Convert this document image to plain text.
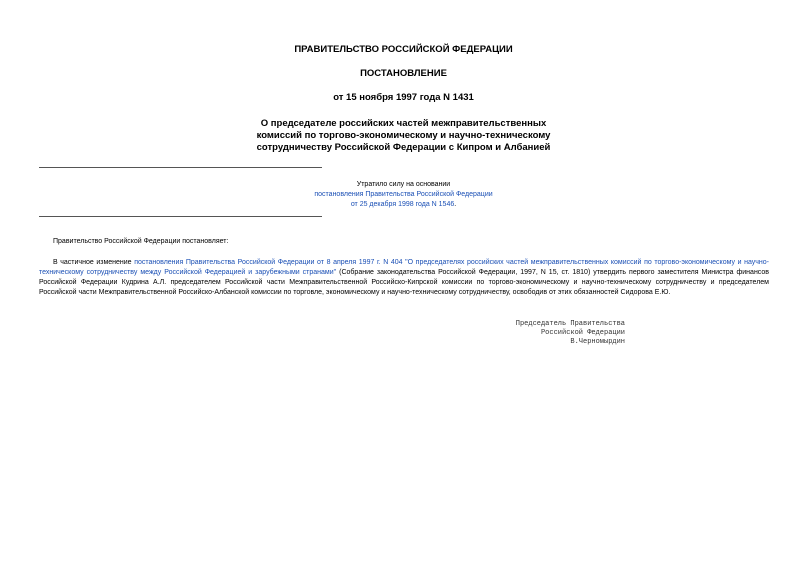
ПРАВИТЕЛЬСТВО РОССИЙСКОЙ ФЕДЕРАЦИИ
ПОСТАНОВЛЕНИЕ
от 15 ноября 1997 года N 1431
О председателе российских частей межправительственных
комиссий по торгово-экономическому и научно-техническому
сотрудничеству Российской Федерации с Кипром и Албанией
Утратило силу на основании
постановления Правительства Российской Федерации
от 25 декабря 1998 года N 1546.
Правительство Российской Федерации постановляет:
В частичное изменение постановления Правительства Российской Федерации от 8 апреля 1997 г. N 404 "О председателях российских частей межправительственных комиссий по торгово-экономическому и научно-техническому сотрудничеству между Российской Федерацией и зарубежными странами" (Собрание законодательства Российской Федерации, 1997, N 15, ст. 1810) утвердить первого заместителя Министра финансов Российской Федерации Кудрина А.Л. председателем Российской части Межправительственной Российско-Кипрской комиссии по торгово-экономическому и научно-техническому сотрудничеству и председателем Российской части Межправительственной Российско-Албанской комиссии по торговле, экономическому и научно-техническому сотрудничеству, освободив от этих обязанностей Сидорова Е.Ю.
Председатель Правительства
Российской Федерации
В.Черномырдин
